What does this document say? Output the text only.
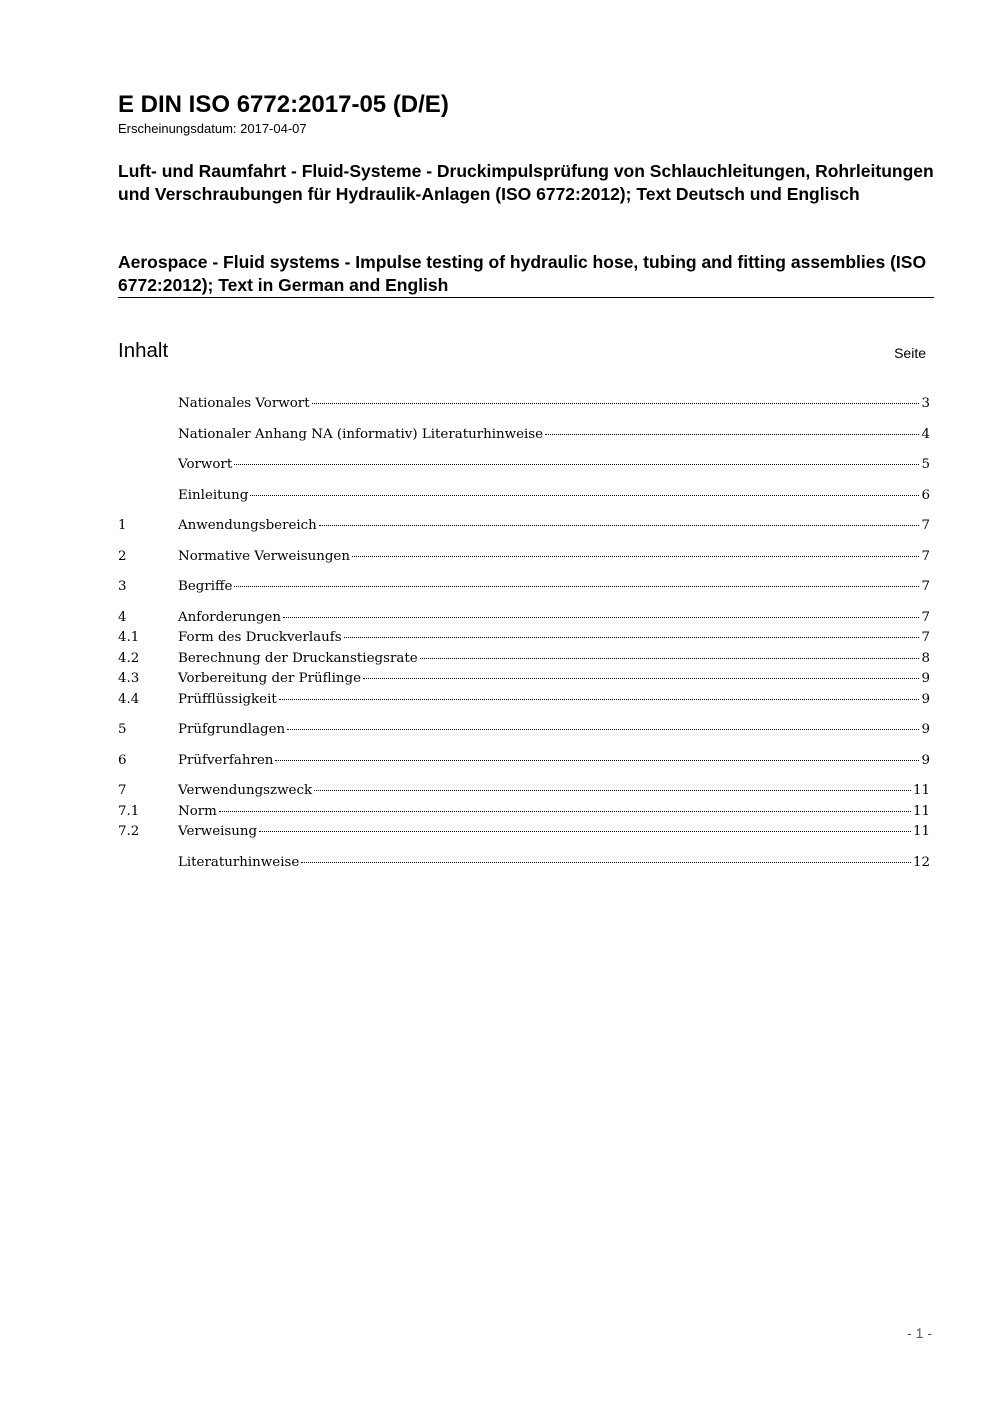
E DIN ISO 6772:2017-05 (D/E)
Erscheinungsdatum: 2017-04-07
Luft- und Raumfahrt - Fluid-Systeme - Druckimpulsprüfung von Schlauchleitungen, Rohrleitungen und Verschraubungen für Hydraulik-Anlagen (ISO 6772:2012); Text Deutsch und Englisch
Aerospace - Fluid systems - Impulse testing of hydraulic hose, tubing and fitting assemblies (ISO 6772:2012); Text in German and English
Inhalt	Seite
Nationales Vorwort	3
Nationaler Anhang NA (informativ) Literaturhinweise	4
Vorwort	5
Einleitung	6
1	Anwendungsbereich	7
2	Normative Verweisungen	7
3	Begriffe	7
4	Anforderungen	7
4.1	Form des Druckverlaufs	7
4.2	Berechnung der Druckanstiegsrate	8
4.3	Vorbereitung der Prüflinge	9
4.4	Prüfflüssigkeit	9
5	Prüfgrundlagen	9
6	Prüfverfahren	9
7	Verwendungszweck	11
7.1	Norm	11
7.2	Verweisung	11
Literaturhinweise	12
- 1 -
